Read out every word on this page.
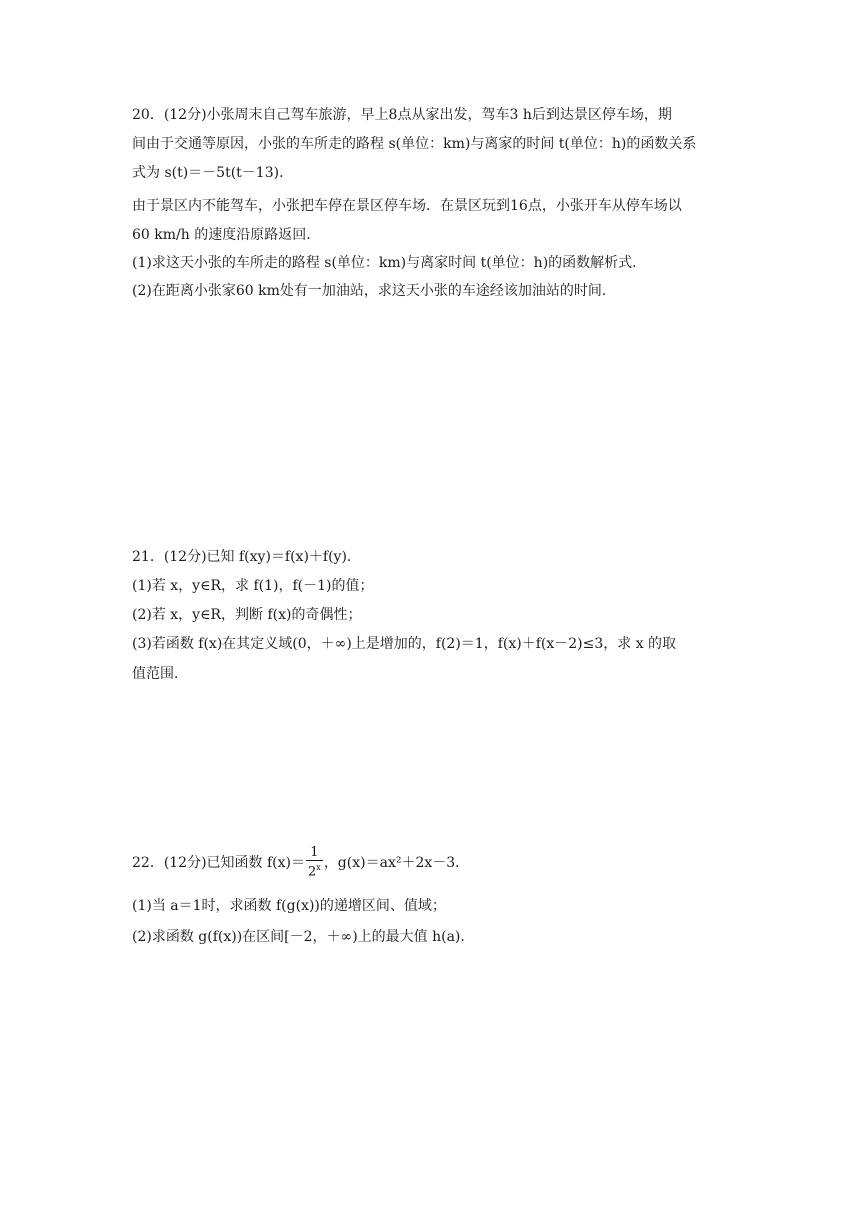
20．(12分)小张周末自己驾车旅游，早上8点从家出发，驾车3 h后到达景区停车场，期
间由于交通等原因，小张的车所走的路程 s(单位：km)与离家的时间 t(单位：h)的函数关系
式为 s(t)＝－5t(t－13)．
由于景区内不能驾车，小张把车停在景区停车场．在景区玩到16点，小张开车从停车场以
60 km/h 的速度沿原路返回．
(1)求这天小张的车所走的路程 s(单位：km)与离家时间 t(单位：h)的函数解析式．
(2)在距离小张家60 km处有一加油站，求这天小张的车途经该加油站的时间．
21．(12分)已知 f(xy)＝f(x)＋f(y)．
(1)若 x，y∈R，求 f(1)，f(－1)的值；
(2)若 x，y∈R，判断 f(x)的奇偶性；
(3)若函数 f(x)在其定义域(0，＋∞)上是增加的，f(2)＝1，f(x)＋f(x－2)≤3，求 x 的取
值范围．
22．(12分)已知函数 $f(x)= \frac{1}{2^x}$ ，g(x)＝ax²＋2x－3．
(1)当 a＝1时，求函数 f(g(x))的递增区间、值域；
(2)求函数 g(f(x))在区间[－2，＋∞)上的最大值 h(a)．
